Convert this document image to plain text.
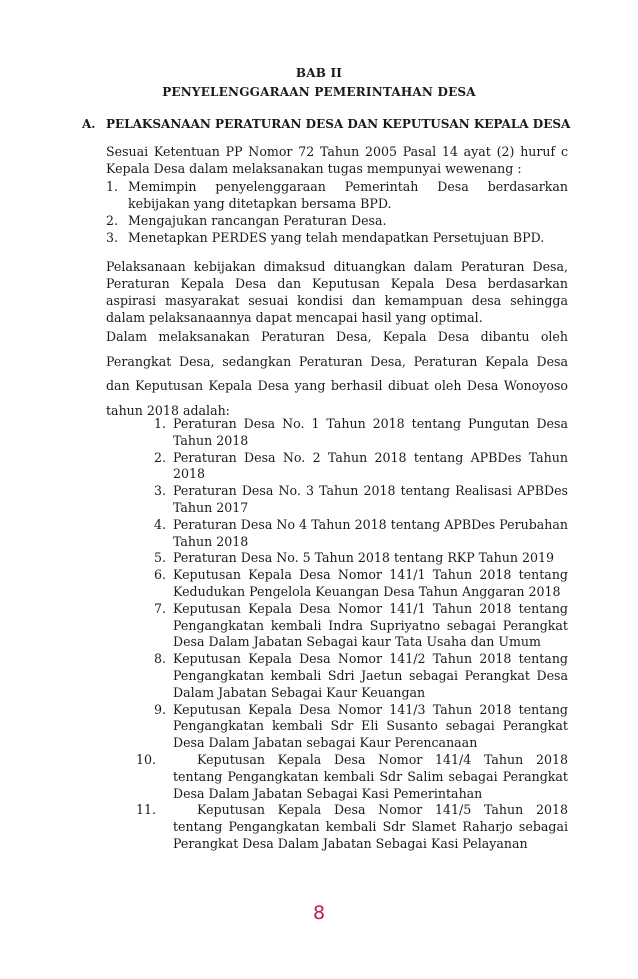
BAB II
PENYELENGGARAAN PEMERINTAHAN DESA
A. PELAKSANAAN PERATURAN DESA DAN KEPUTUSAN KEPALA DESA

Sesuai Ketentuan PP Nomor 72 Tahun 2005 Pasal 14 ayat (2) huruf c Kepala Desa dalam melaksanakan tugas mempunyai wewenang :

1. Memimpin penyelenggaraan Pemerintah Desa berdasarkan kebijakan yang ditetapkan bersama BPD.
2. Mengajukan rancangan Peraturan Desa.
3. Menetapkan PERDES yang telah mendapatkan Persetujuan BPD.

Pelaksanaan kebijakan dimaksud dituangkan dalam Peraturan Desa, Peraturan Kepala Desa dan Keputusan Kepala Desa berdasarkan aspirasi masyarakat sesuai kondisi dan kemampuan desa sehingga dalam pelaksanaannya dapat mencapai hasil yang optimal.

Dalam melaksanakan Peraturan Desa, Kepala Desa dibantu oleh Perangkat Desa, sedangkan Peraturan Desa, Peraturan Kepala Desa dan Keputusan Kepala Desa yang berhasil dibuat oleh Desa Wonoyoso tahun 2018 adalah:

1. Peraturan Desa No. 1 Tahun 2018 tentang Pungutan Desa Tahun 2018
2. Peraturan Desa No. 2 Tahun 2018 tentang APBDes Tahun 2018
3. Peraturan Desa No. 3 Tahun 2018 tentang Realisasi APBDes Tahun 2017
4. Peraturan Desa No 4 Tahun 2018 tentang APBDes Perubahan Tahun 2018
5. Peraturan Desa No. 5 Tahun 2018 tentang RKP Tahun 2019
6. Keputusan Kepala Desa Nomor 141/1 Tahun 2018 tentang Kedudukan Pengelola Keuangan Desa Tahun Anggaran 2018
7. Keputusan Kepala Desa Nomor 141/1 Tahun 2018 tentang Pengangkatan kembali Indra Supriyatno sebagai Perangkat Desa Dalam Jabatan Sebagai kaur Tata Usaha dan Umum
8. Keputusan Kepala Desa Nomor 141/2 Tahun 2018 tentang Pengangkatan kembali Sdri Jaetun sebagai Perangkat Desa Dalam Jabatan Sebagai Kaur Keuangan
9. Keputusan Kepala Desa Nomor 141/3 Tahun 2018 tentang Pengangkatan kembali Sdr Eli Susanto sebagai Perangkat Desa Dalam Jabatan sebagai Kaur Perencanaan
10.	Keputusan Kepala Desa Nomor 141/4 Tahun 2018 tentang Pengangkatan kembali Sdr Salim sebagai Perangkat Desa Dalam Jabatan Sebagai Kasi Pemerintahan
11.	Keputusan Kepala Desa Nomor 141/5 Tahun 2018 tentang Pengangkatan kembali Sdr Slamet Raharjo sebagai Perangkat Desa Dalam Jabatan Sebagai Kasi Pelayanan
8
